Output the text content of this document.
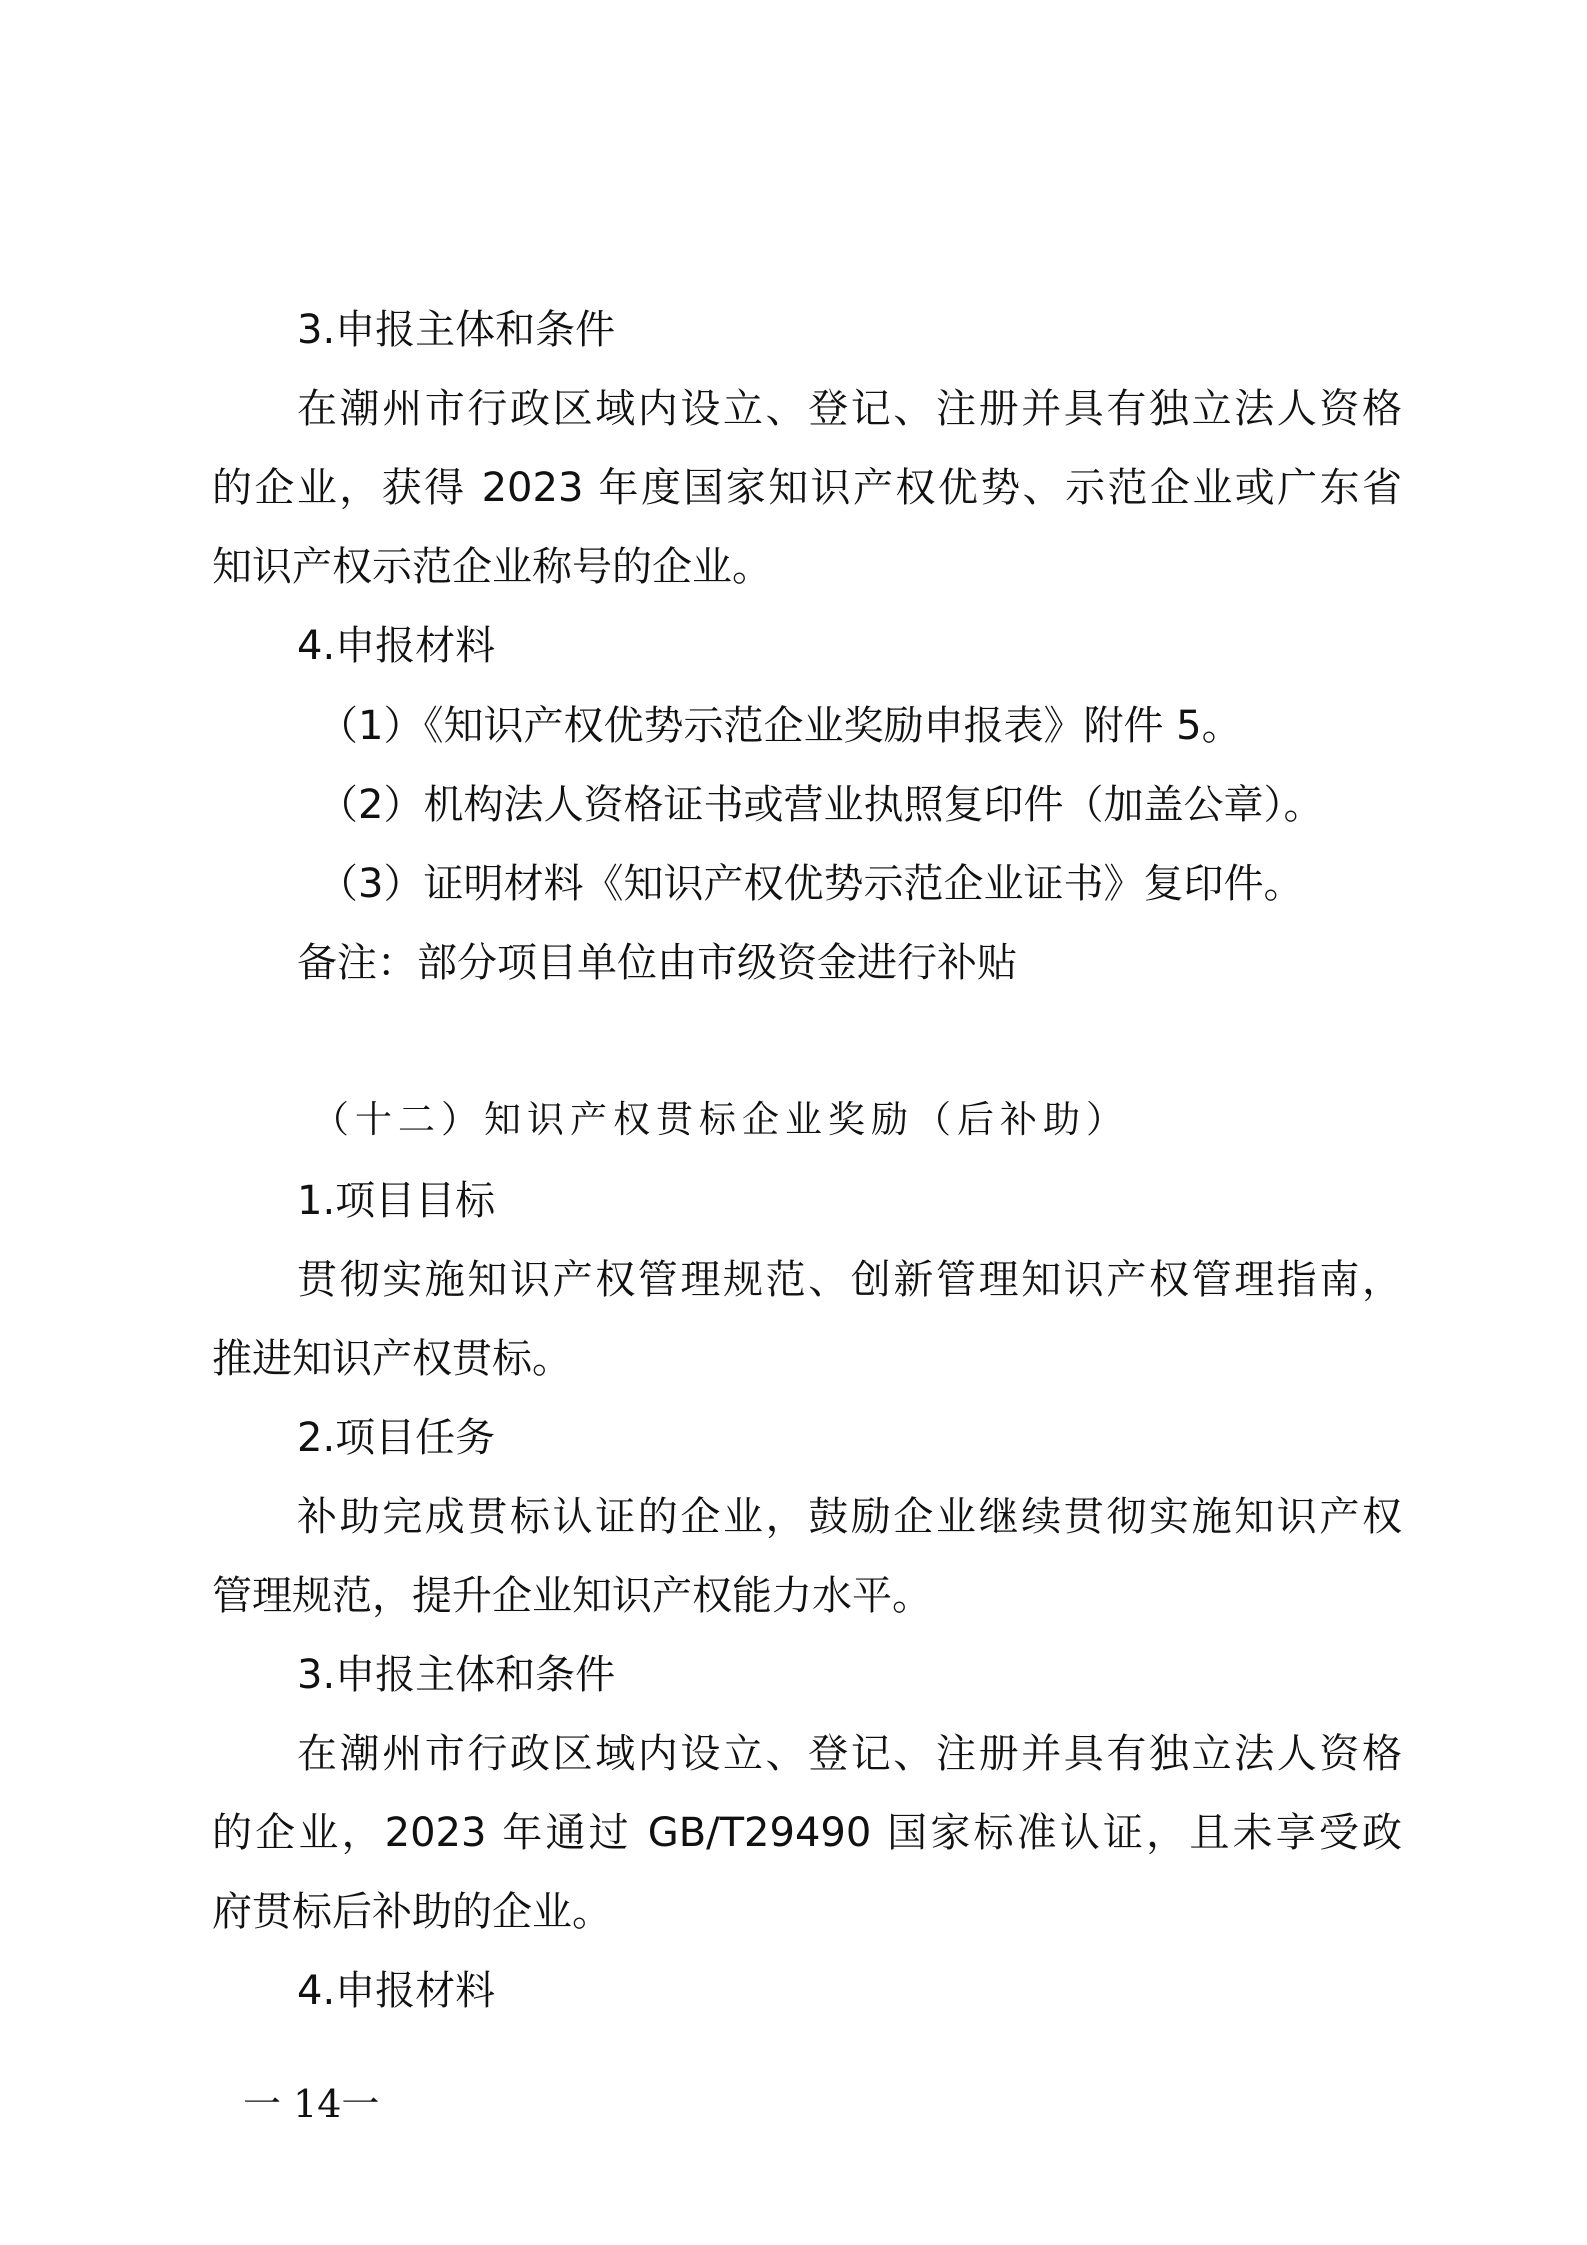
3.申报主体和条件
在潮州市行政区域内设立、登记、注册并具有独立法人资格
的企业，获得 2023 年度国家知识产权优势、示范企业或广东省
知识产权示范企业称号的企业。
4.申报材料
（1）《知识产权优势示范企业奖励申报表》附件 5。
（2）机构法人资格证书或营业执照复印件（加盖公章）。
（3）证明材料《知识产权优势示范企业证书》复印件。
备注：部分项目单位由市级资金进行补贴
（十二）知识产权贯标企业奖励（后补助）
1.项目目标
贯彻实施知识产权管理规范、创新管理知识产权管理指南，
推进知识产权贯标。
2.项目任务
补助完成贯标认证的企业，鼓励企业继续贯彻实施知识产权
管理规范，提升企业知识产权能力水平。
3.申报主体和条件
在潮州市行政区域内设立、登记、注册并具有独立法人资格
的企业，2023 年通过 GB/T29490 国家标准认证，且未享受政
府贯标后补助的企业。
4.申报材料
一 14一
